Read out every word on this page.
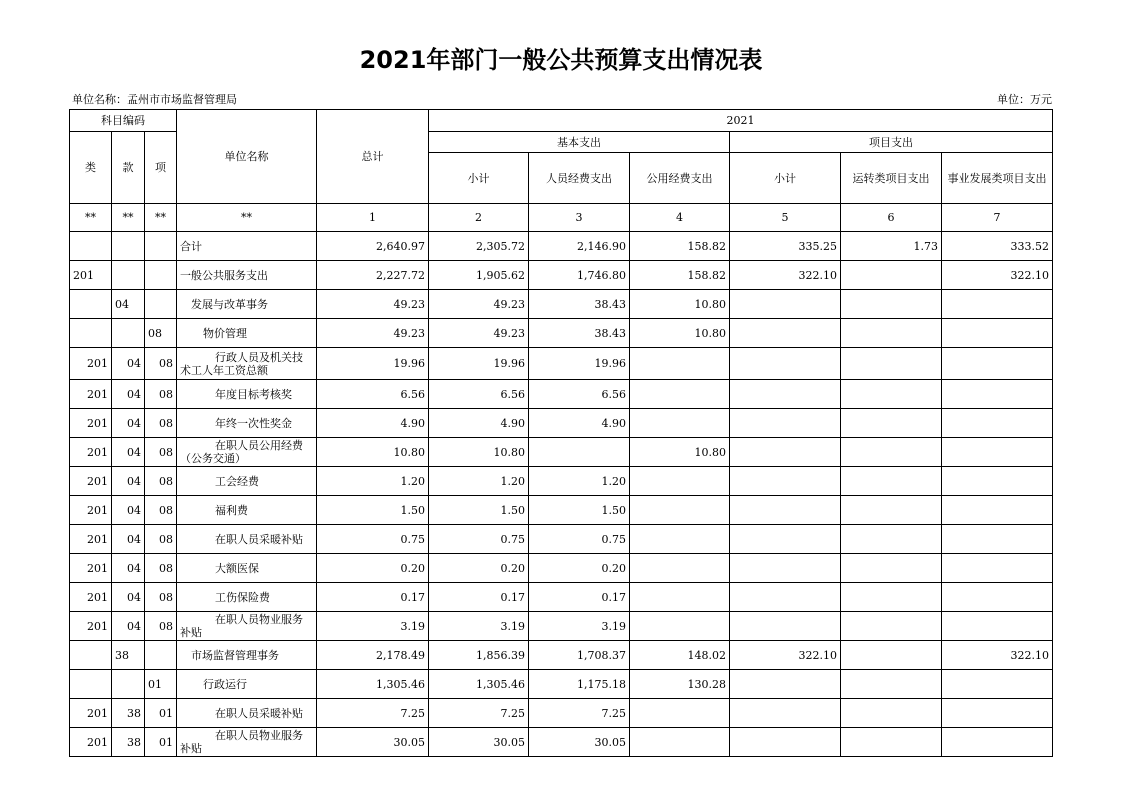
2021年部门一般公共预算支出情况表
单位名称：孟州市市场监督管理局	单位：万元
科目编码			单位名称	总计	2021					
类	款	项			基本支出			项目支出		
					小计	人员经费支出	公用经费支出	小计	运转类项目支出	事业发展类项目支出
**	**	**	**	1	2	3	4	5	6	7
			合计	2,640.97	2,305.72	2,146.90	158.82	335.25	1.73	333.52
201			一般公共服务支出	2,227.72	1,905.62	1,746.80	158.82	322.10		322.10
	04		发展与改革事务	49.23	49.23	38.43	10.80			
		08	物价管理	49.23	49.23	38.43	10.80			
201	04	08	行政人员及机关技
术工人年工资总额	19.96	19.96	19.96				
201	04	08	年度目标考核奖	6.56	6.56	6.56				
201	04	08	年终一次性奖金	4.90	4.90	4.90				
201	04	08	在职人员公用经费
（公务交通）	10.80	10.80		10.80			
201	04	08	工会经费	1.20	1.20	1.20				
201	04	08	福利费	1.50	1.50	1.50				
201	04	08	在职人员采暖补贴	0.75	0.75	0.75				
201	04	08	大额医保	0.20	0.20	0.20				
201	04	08	工伤保险费	0.17	0.17	0.17				
201	04	08	在职人员物业服务
补贴	3.19	3.19	3.19				
	38		市场监督管理事务	2,178.49	1,856.39	1,708.37	148.02	322.10		322.10
		01	行政运行	1,305.46	1,305.46	1,175.18	130.28			
201	38	01	在职人员采暖补贴	7.25	7.25	7.25				
201	38	01	在职人员物业服务
补贴	30.05	30.05	30.05				
